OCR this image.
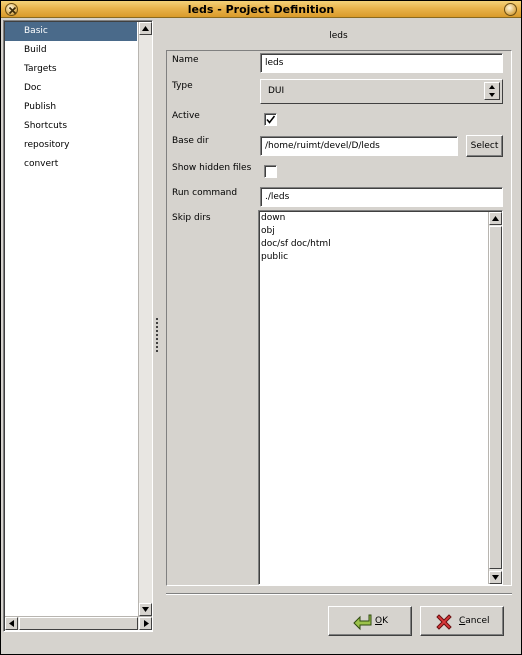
leds - Project Definition
Basic
Build
Targets
Doc
Publish
Shortcuts
repository
convert
leds
Name	leds
Type	DUI
Active
Base dir	/home/ruimt/devel/D/leds	Select
Show hidden files
Run command	./leds
Skip dirs	down
obj
doc/sf doc/html
public
OK	Cancel
